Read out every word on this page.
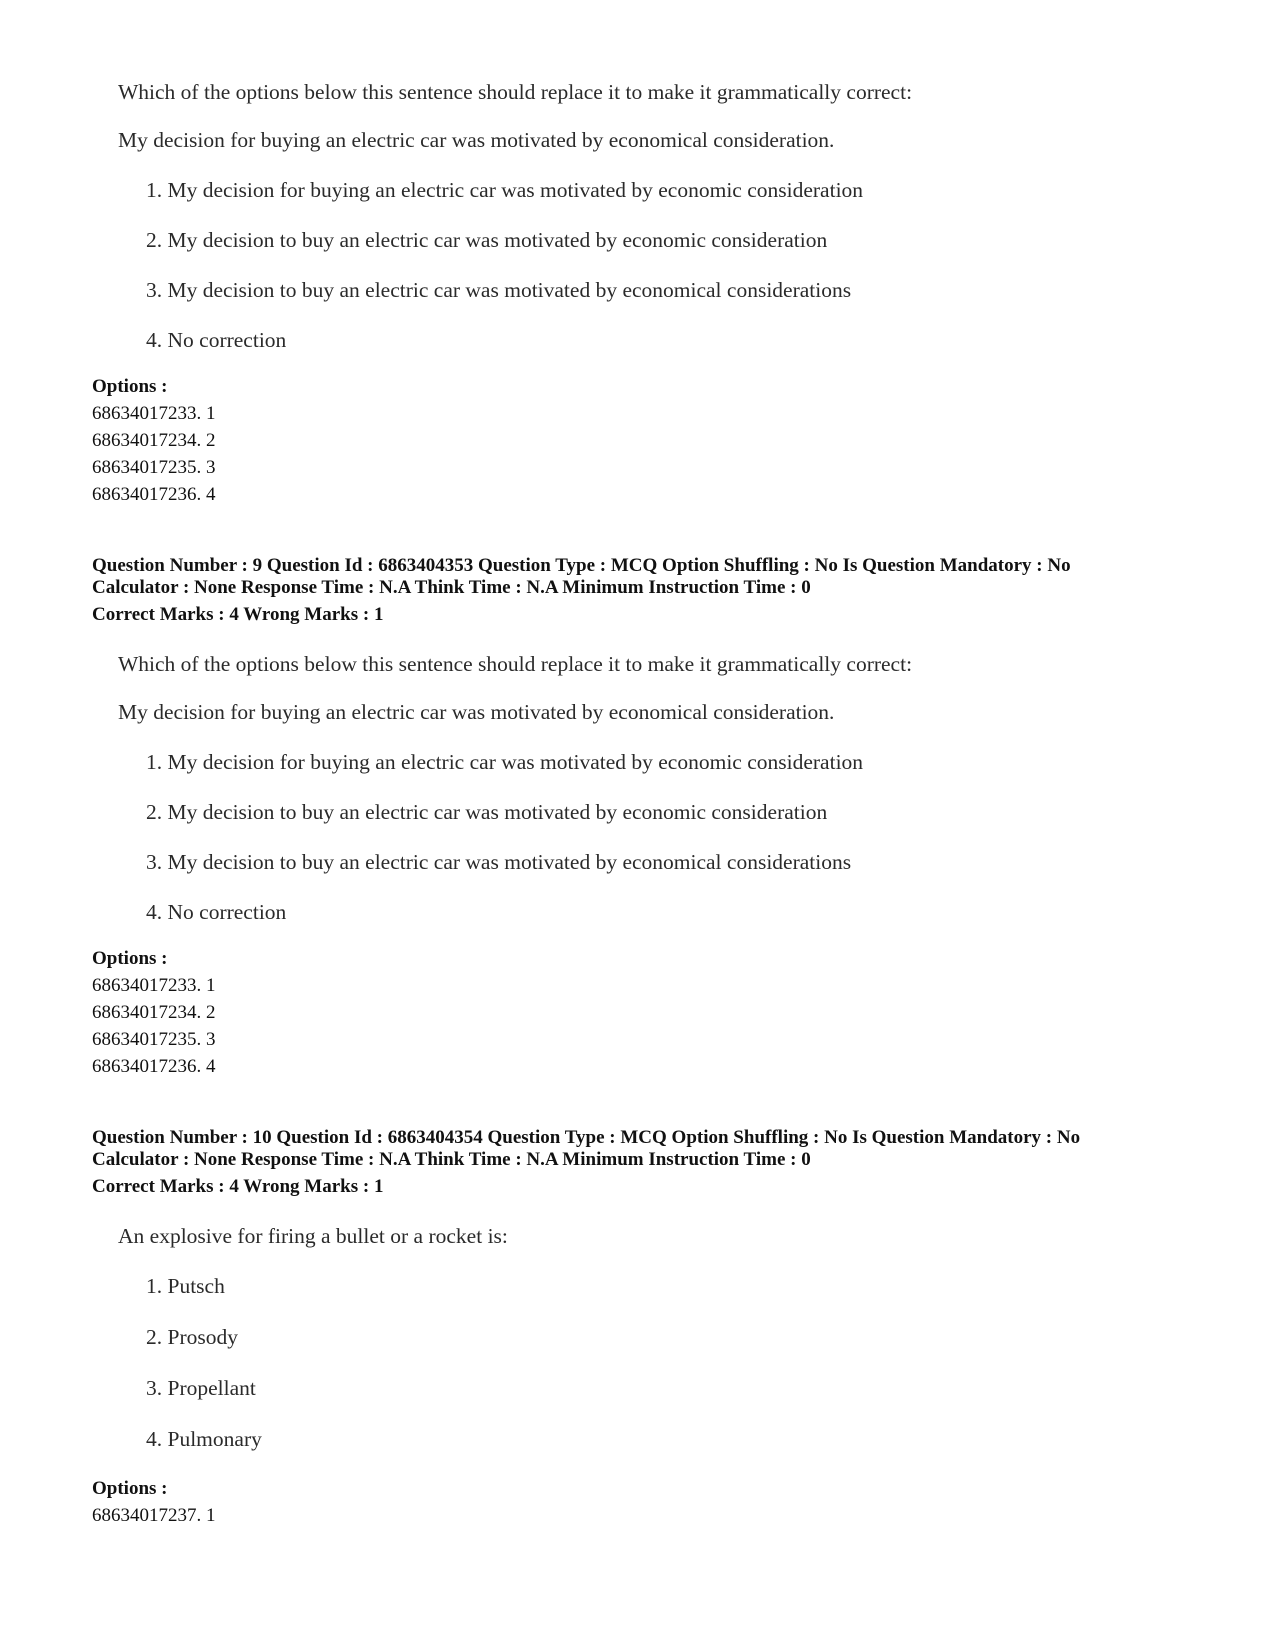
Which of the options below this sentence should replace it to make it grammatically correct:
My decision for buying an electric car was motivated by economical consideration.
1. My decision for buying an electric car was motivated by economic consideration
2. My decision to buy an electric car was motivated by economic consideration
3. My decision to buy an electric car was motivated by economical considerations
4. No correction
Options :
68634017233. 1
68634017234. 2
68634017235. 3
68634017236. 4
Question Number : 9 Question Id : 6863404353 Question Type : MCQ Option Shuffling : No Is Question Mandatory : No
Calculator : None Response Time : N.A Think Time : N.A Minimum Instruction Time : 0
Correct Marks : 4 Wrong Marks : 1
Which of the options below this sentence should replace it to make it grammatically correct:
My decision for buying an electric car was motivated by economical consideration.
1. My decision for buying an electric car was motivated by economic consideration
2. My decision to buy an electric car was motivated by economic consideration
3. My decision to buy an electric car was motivated by economical considerations
4. No correction
Options :
68634017233. 1
68634017234. 2
68634017235. 3
68634017236. 4
Question Number : 10 Question Id : 6863404354 Question Type : MCQ Option Shuffling : No Is Question Mandatory : No
Calculator : None Response Time : N.A Think Time : N.A Minimum Instruction Time : 0
Correct Marks : 4 Wrong Marks : 1
An explosive for firing a bullet or a rocket is:
1. Putsch
2. Prosody
3. Propellant
4. Pulmonary
Options :
68634017237. 1
